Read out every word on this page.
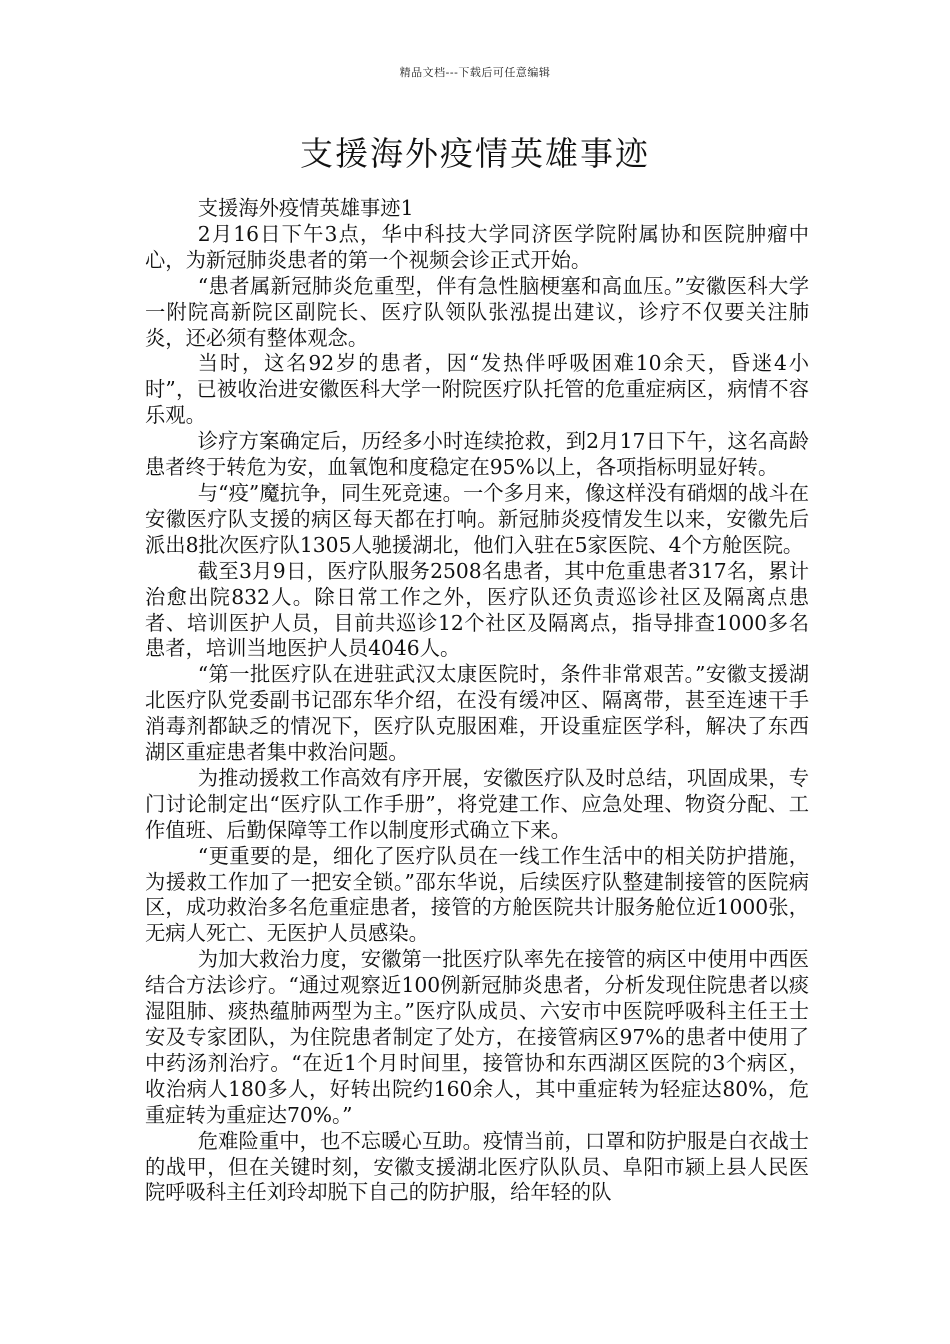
精品文档---下载后可任意编辑
支援海外疫情英雄事迹

支援海外疫情英雄事迹1

2月16日下午3点，华中科技大学同济医学院附属协和医院肿瘤中心，为新冠肺炎患者的第一个视频会诊正式开始。

“患者属新冠肺炎危重型，伴有急性脑梗塞和高血压。”安徽医科大学一附院高新院区副院长、医疗队领队张泓提出建议，诊疗不仅要关注肺炎，还必须有整体观念。

当时，这名92岁的患者，因“发热伴呼吸困难10余天，昏迷4小时”，已被收治进安徽医科大学一附院医疗队托管的危重症病区，病情不容乐观。

诊疗方案确定后，历经多小时连续抢救，到2月17日下午，这名高龄患者终于转危为安，血氧饱和度稳定在95%以上，各项指标明显好转。

与“疫”魔抗争，同生死竞速。一个多月来，像这样没有硝烟的战斗在安徽医疗队支援的病区每天都在打响。新冠肺炎疫情发生以来，安徽先后派出8批次医疗队1305人驰援湖北，他们入驻在5家医院、4个方舱医院。

截至3月9日，医疗队服务2508名患者，其中危重患者317名，累计治愈出院832人。除日常工作之外，医疗队还负责巡诊社区及隔离点患者、培训医护人员，目前共巡诊12个社区及隔离点，指导排查1000多名患者，培训当地医护人员4046人。

“第一批医疗队在进驻武汉太康医院时，条件非常艰苦。”安徽支援湖北医疗队党委副书记邵东华介绍，在没有缓冲区、隔离带，甚至连速干手消毒剂都缺乏的情况下，医疗队克服困难，开设重症医学科，解决了东西湖区重症患者集中救治问题。

为推动援救工作高效有序开展，安徽医疗队及时总结，巩固成果，专门讨论制定出“医疗队工作手册”，将党建工作、应急处理、物资分配、工作值班、后勤保障等工作以制度形式确立下来。

“更重要的是，细化了医疗队员在一线工作生活中的相关防护措施，为援救工作加了一把安全锁。”邵东华说，后续医疗队整建制接管的医院病区，成功救治多名危重症患者，接管的方舱医院共计服务舱位近1000张，无病人死亡、无医护人员感染。

为加大救治力度，安徽第一批医疗队率先在接管的病区中使用中西医结合方法诊疗。“通过观察近100例新冠肺炎患者，分析发现住院患者以痰湿阻肺、痰热蕴肺两型为主。”医疗队成员、六安市中医院呼吸科主任王士安及专家团队，为住院患者制定了处方，在接管病区97%的患者中使用了中药汤剂治疗。“在近1个月时间里，接管协和东西湖区医院的3个病区，收治病人180多人，好转出院约160余人，其中重症转为轻症达80%，危重症转为重症达70%。”

危难险重中，也不忘暖心互助。疫情当前，口罩和防护服是白衣战士的战甲，但在关键时刻，安徽支援湖北医疗队队员、阜阳市颍上县人民医院呼吸科主任刘玲却脱下自己的防护服，给年轻的队
